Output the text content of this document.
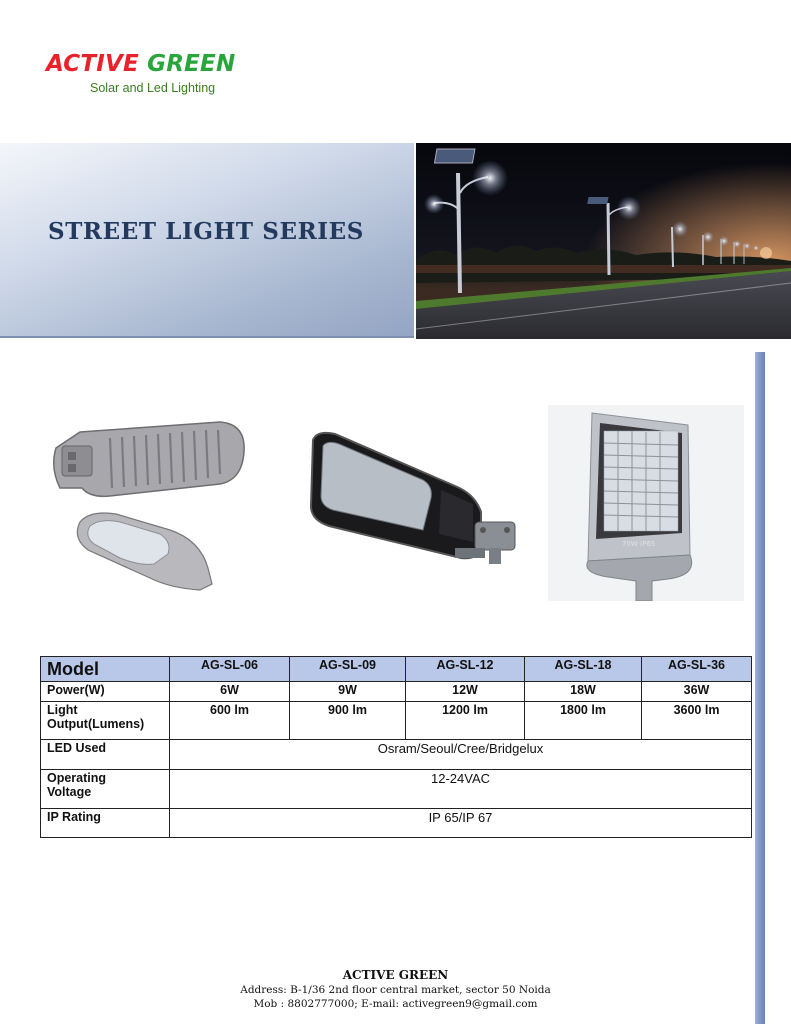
ACTIVE GREEN
Solar and Led Lighting
STREET LIGHT SERIES
70W IP65
Model	AG-SL-06	AG-SL-09	AG-SL-12	AG-SL-18	AG-SL-36
Power(W)	6W	9W	12W	18W	36W
Light
Output(Lumens)	600 lm	900 lm	1200 lm	1800 lm	3600 lm
LED Used	Osram/Seoul/Cree/Bridgelux				
Operating
Voltage	12-24VAC				
IP Rating	IP 65/IP 67				
ACTIVE GREEN
Address: B-1/36 2nd floor central market, sector 50 Noida
Mob : 8802777000; E-mail: activegreen9@gmail.com
